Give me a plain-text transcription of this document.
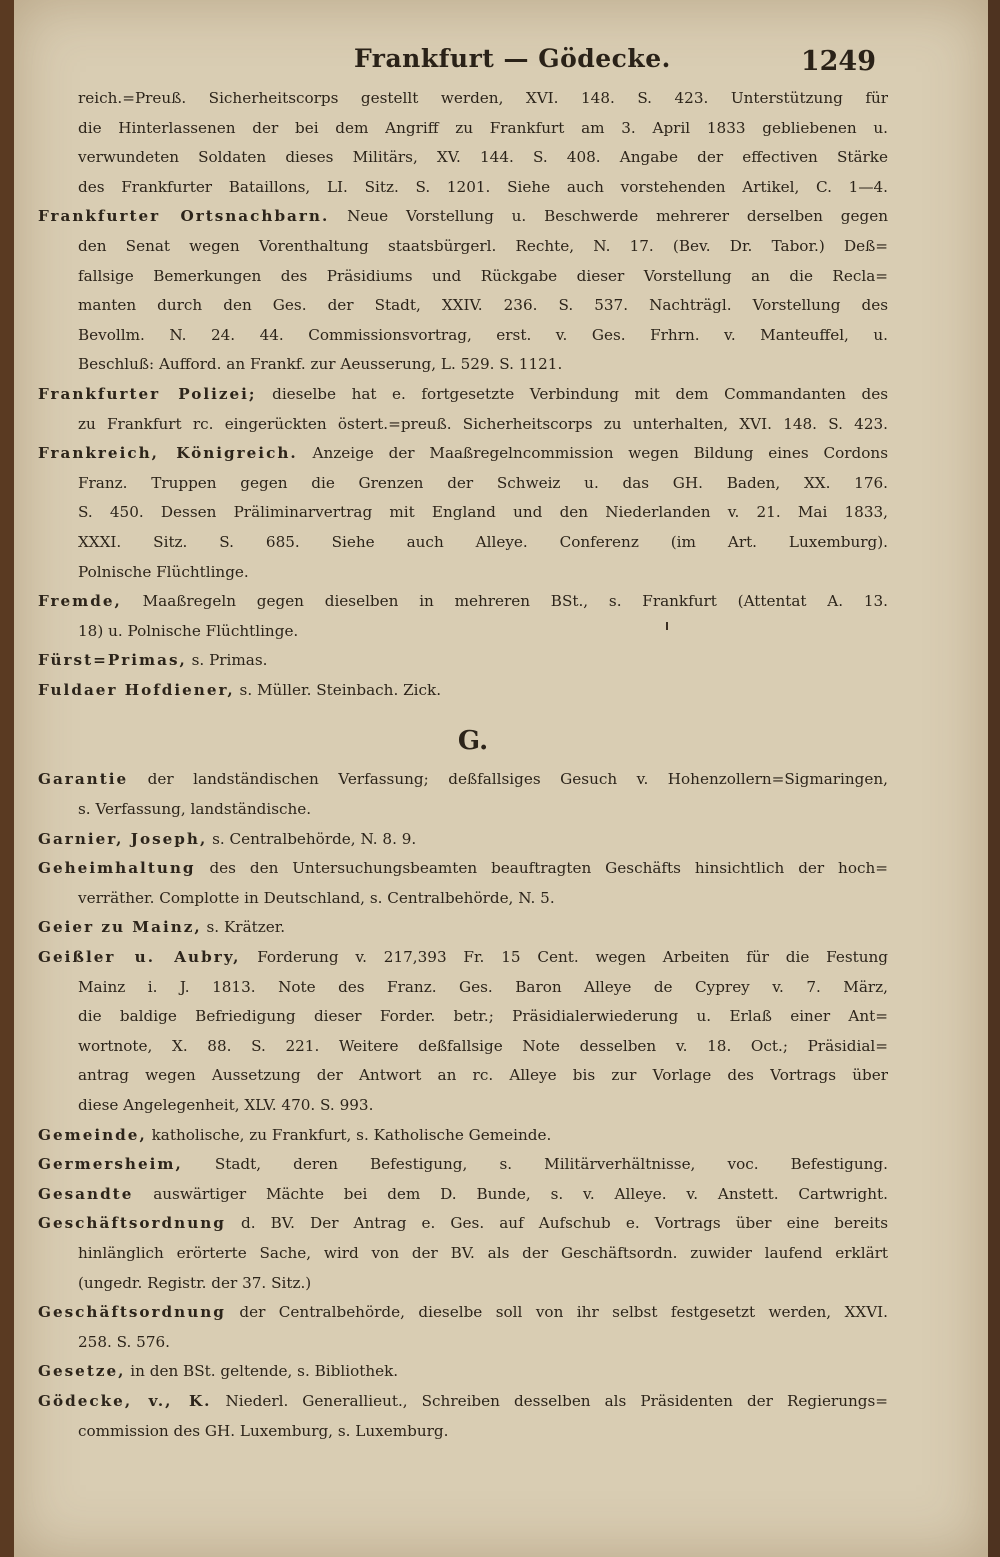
Frankfurt — Gödecke.	1249
reich.=Preuß. Sicherheitscorps gestellt werden, XVI. 148. S. 423. Unterstützung für
die Hinterlassenen der bei dem Angriff zu Frankfurt am 3. April 1833 gebliebenen u.
verwundeten Soldaten dieses Militärs, XV. 144. S. 408. Angabe der effectiven Stärke
des Frankfurter Bataillons, LI. Sitz. S. 1201. Siehe auch vorstehenden Artikel, C. 1—4.
Frankfurter Ortsnachbarn. Neue Vorstellung u. Beschwerde mehrerer derselben gegen
den Senat wegen Vorenthaltung staatsbürgerl. Rechte, N. 17. (Bev. Dr. Tabor.) Deß=
fallsige Bemerkungen des Präsidiums und Rückgabe dieser Vorstellung an die Recla=
manten durch den Ges. der Stadt, XXIV. 236. S. 537. Nachträgl. Vorstellung des
Bevollm. N. 24. 44. Commissionsvortrag, erst. v. Ges. Frhrn. v. Manteuffel, u.
Beschluß: Aufford. an Frankf. zur Aeusserung, L. 529. S. 1121.
Frankfurter Polizei; dieselbe hat e. fortgesetzte Verbindung mit dem Commandanten des
zu Frankfurt rc. eingerückten östert.=preuß. Sicherheitscorps zu unterhalten, XVI. 148. S. 423.
Frankreich, Königreich. Anzeige der Maaßregelncommission wegen Bildung eines Cordons
Franz. Truppen gegen die Grenzen der Schweiz u. das GH. Baden, XX. 176.
S. 450. Dessen Präliminarvertrag mit England und den Niederlanden v. 21. Mai 1833,
XXXI. Sitz. S. 685. Siehe auch Alleye. Conferenz (im Art. Luxemburg).
Polnische Flüchtlinge.
Fremde, Maaßregeln gegen dieselben in mehreren BSt., s. Frankfurt (Attentat A. 13.
18) u. Polnische Flüchtlinge.
Fürst=Primas, s. Primas.
Fuldaer Hofdiener, s. Müller. Steinbach. Zick.
G.
Garantie der landständischen Verfassung; deßfallsiges Gesuch v. Hohenzollern=Sigmaringen,
s. Verfassung, landständische.
Garnier, Joseph, s. Centralbehörde, N. 8. 9.
Geheimhaltung des den Untersuchungsbeamten beauftragten Geschäfts hinsichtlich der hoch=
verräther. Complotte in Deutschland, s. Centralbehörde, N. 5.
Geier zu Mainz, s. Krätzer.
Geißler u. Aubry, Forderung v. 217,393 Fr. 15 Cent. wegen Arbeiten für die Festung
Mainz i. J. 1813. Note des Franz. Ges. Baron Alleye de Cyprey v. 7. März,
die baldige Befriedigung dieser Forder. betr.; Präsidialerwiederung u. Erlaß einer Ant=
wortnote, X. 88. S. 221. Weitere deßfallsige Note desselben v. 18. Oct.; Präsidial=
antrag wegen Aussetzung der Antwort an rc. Alleye bis zur Vorlage des Vortrags über
diese Angelegenheit, XLV. 470. S. 993.
Gemeinde, katholische, zu Frankfurt, s. Katholische Gemeinde.
Germersheim, Stadt, deren Befestigung, s. Militärverhältnisse, voc. Befestigung.
Gesandte auswärtiger Mächte bei dem D. Bunde, s. v. Alleye. v. Anstett. Cartwright.
Geschäftsordnung d. BV. Der Antrag e. Ges. auf Aufschub e. Vortrags über eine bereits
hinlänglich erörterte Sache, wird von der BV. als der Geschäftsordn. zuwider laufend erklärt
(ungedr. Registr. der 37. Sitz.)
Geschäftsordnung der Centralbehörde, dieselbe soll von ihr selbst festgesetzt werden, XXVI.
258. S. 576.
Gesetze, in den BSt. geltende, s. Bibliothek.
Gödecke, v., K. Niederl. Generallieut., Schreiben desselben als Präsidenten der Regierungs=
commission des GH. Luxemburg, s. Luxemburg.
